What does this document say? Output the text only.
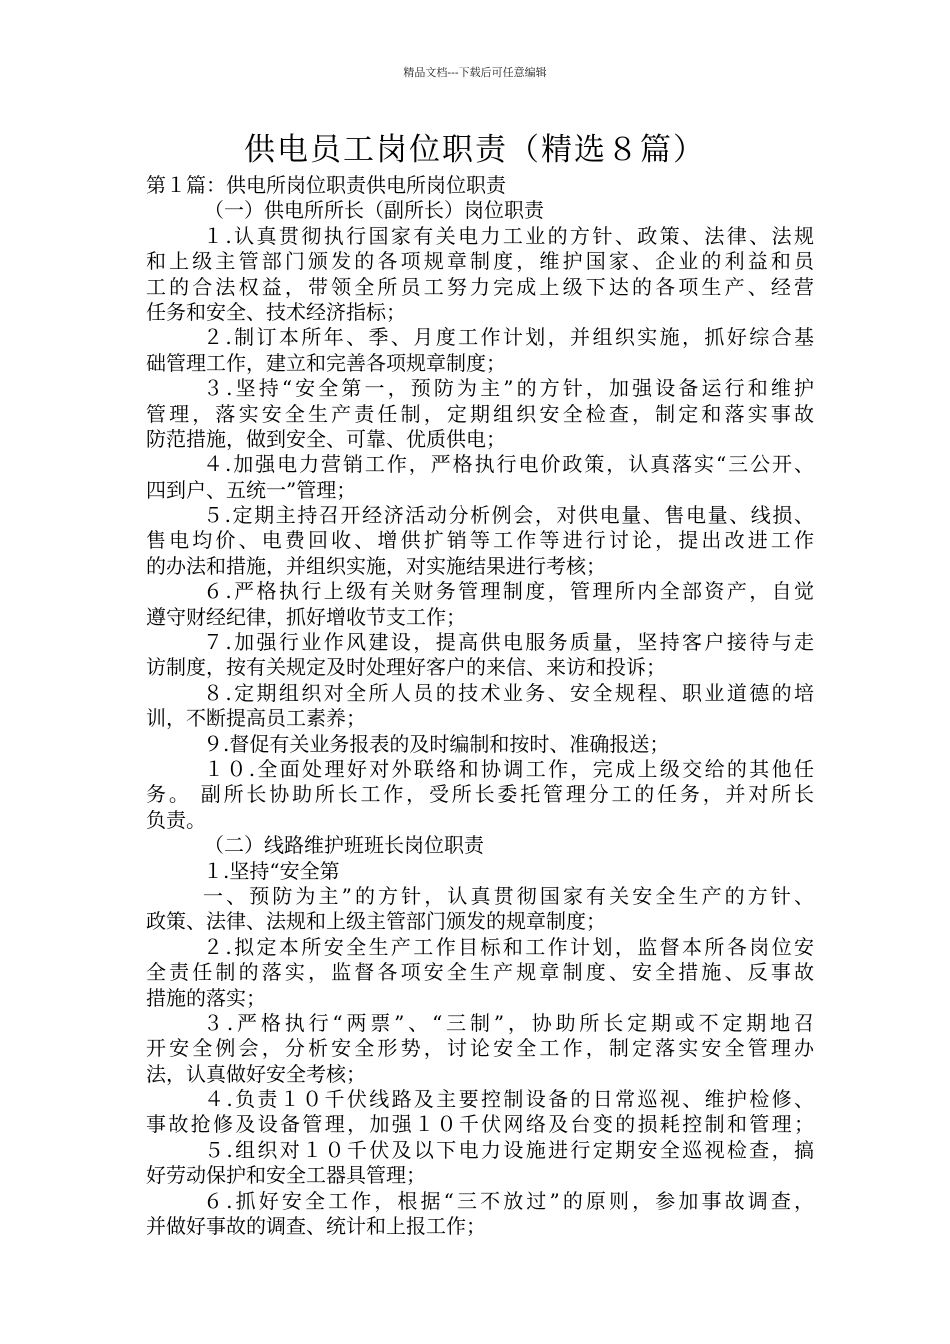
精品文档---下载后可任意编辑
供电员工岗位职责（精选８篇）
第１篇：供电所岗位职责供电所岗位职责
（一）供电所所长（副所长）岗位职责
１.认真贯彻执行国家有关电力工业的方针、政策、法律、法规
和上级主管部门颁发的各项规章制度，维护国家、企业的利益和员
工的合法权益，带领全所员工努力完成上级下达的各项生产、经营
任务和安全、技术经济指标；
２.制订本所年、季、月度工作计划，并组织实施，抓好综合基
础管理工作，建立和完善各项规章制度；
３.坚持“安全第一，预防为主”的方针，加强设备运行和维护
管理，落实安全生产责任制，定期组织安全检查，制定和落实事故
防范措施，做到安全、可靠、优质供电；
４.加强电力营销工作，严格执行电价政策，认真落实“三公开、
四到户、五统一”管理；
５.定期主持召开经济活动分析例会，对供电量、售电量、线损、
售电均价、电费回收、增供扩销等工作等进行讨论，提出改进工作
的办法和措施，并组织实施，对实施结果进行考核；
６.严格执行上级有关财务管理制度，管理所内全部资产，自觉
遵守财经纪律，抓好增收节支工作；
７.加强行业作风建设，提高供电服务质量，坚持客户接待与走
访制度，按有关规定及时处理好客户的来信、来访和投诉；
８.定期组织对全所人员的技术业务、安全规程、职业道德的培
训，不断提高员工素养；
９.督促有关业务报表的及时编制和按时、准确报送；
１０.全面处理好对外联络和协调工作，完成上级交给的其他任
务。 副所长协助所长工作，受所长委托管理分工的任务，并对所长
负责。
（二）线路维护班班长岗位职责
１.坚持“安全第
一、预防为主”的方针，认真贯彻国家有关安全生产的方针、
政策、法律、法规和上级主管部门颁发的规章制度；
２.拟定本所安全生产工作目标和工作计划，监督本所各岗位安
全责任制的落实，监督各项安全生产规章制度、安全措施、反事故
措施的落实；
３.严格执行“两票”、“三制”，协助所长定期或不定期地召
开安全例会，分析安全形势，讨论安全工作，制定落实安全管理办
法，认真做好安全考核；
４.负责１０千伏线路及主要控制设备的日常巡视、维护检修、
事故抢修及设备管理，加强１０千伏网络及台变的损耗控制和管理；
５.组织对１０千伏及以下电力设施进行定期安全巡视检查，搞
好劳动保护和安全工器具管理；
６.抓好安全工作，根据“三不放过”的原则，参加事故调查，
并做好事故的调查、统计和上报工作；
